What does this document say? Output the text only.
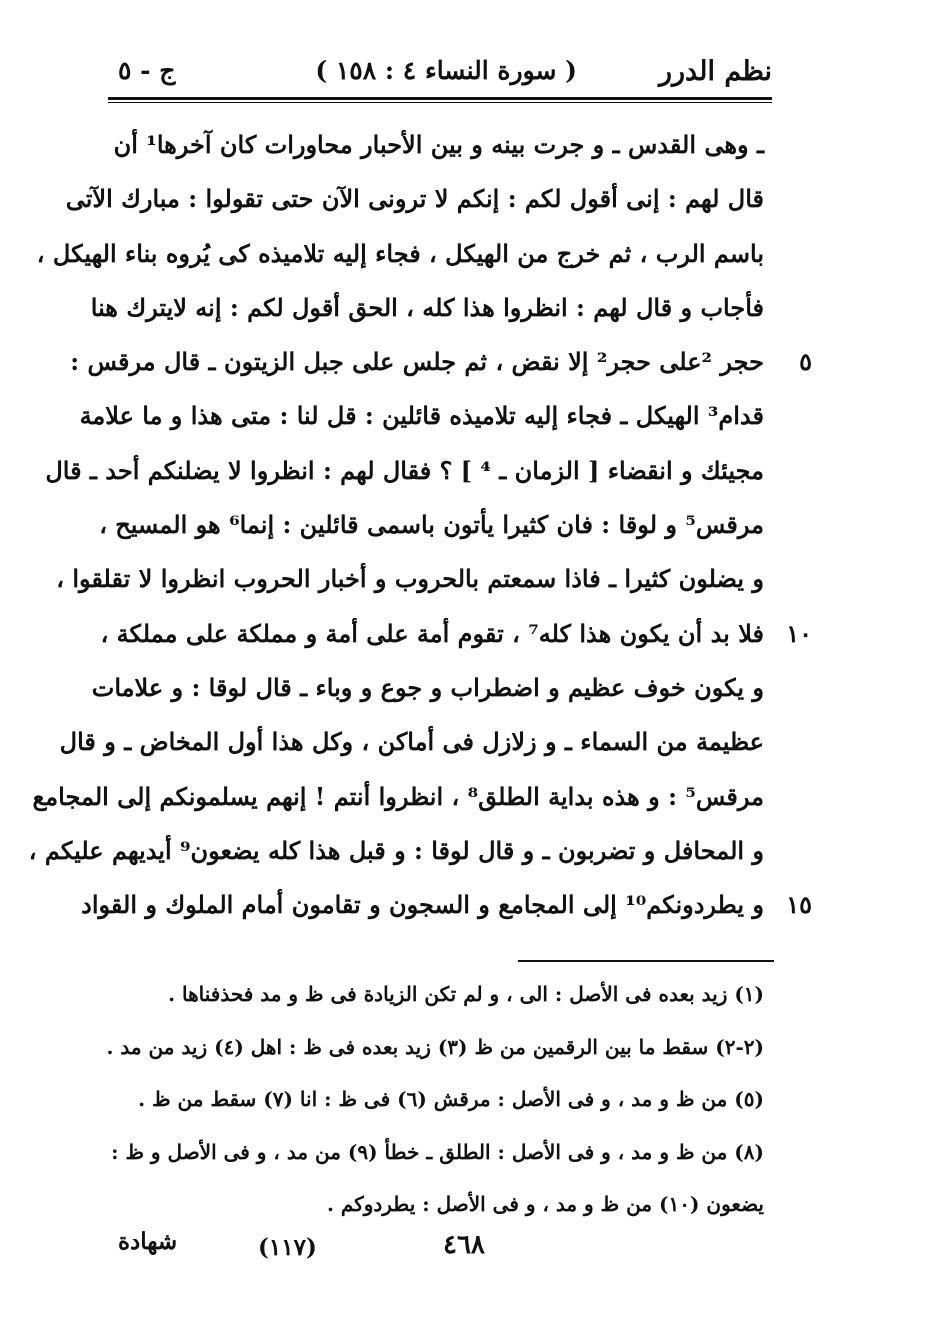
نظم الدرر
( سورة النساء ٤ : ١٥٨ )
ج - ٥
ـ وهى القدس ـ و جرت بينه و بين الأحبار محاورات كان آخرها¹ أن
قال لهم : إنى أقول لكم : إنكم لا ترونى الآن حتى تقولوا : مبارك الآتى
باسم الرب ، ثم خرج من الهيكل ، فجاء إليه تلاميذه كى يُروه بناء الهيكل ،
فأجاب و قال لهم : انظروا هذا كله ، الحق أقول لكم : إنه لايترك هنا
٥
حجر ²على حجر² إلا نقض ، ثم جلس على جبل الزيتون ـ قال مرقس :
قدام³ الهيكل ـ فجاء إليه تلاميذه قائلين : قل لنا : متى هذا و ما علامة
مجيئك و انقضاء [ الزمان ـ ⁴ ] ؟ فقال لهم : انظروا لا يضلنكم أحد ـ قال
مرقس⁵ و لوقا : فان كثيرا يأتون باسمى قائلين : إنما⁶ هو المسيح ،
و يضلون كثيرا ـ فاذا سمعتم بالحروب و أخبار الحروب انظروا لا تقلقوا ،
١٠
فلا بد أن يكون هذا كله⁷ ، تقوم أمة على أمة و مملكة على مملكة ،
و يكون خوف عظيم و اضطراب و جوع و وباء ـ قال لوقا : و علامات
عظيمة من السماء ـ و زلازل فى أماكن ، وكل هذا أول المخاض ـ و قال
مرقس⁵ : و هذه بداية الطلق⁸ ، انظروا أنتم ! إنهم يسلمونكم إلى المجامع
و المحافل و تضربون ـ و قال لوقا : و قبل هذا كله يضعون⁹ أيديهم عليكم ،
١٥
و يطردونكم¹⁰ إلى المجامع و السجون و تقامون أمام الملوك و القواد
(١) زيد بعده فى الأصل : الى ، و لم تكن الزيادة فى ظ و مد فحذفناها .
(٢-٢) سقط ما بين الرقمين من ظ (٣) زيد بعده فى ظ : اهل (٤) زيد من مد .
(٥) من ظ و مد ، و فى الأصل : مرقش (٦) فى ظ : انا (٧) سقط من ظ .
(٨) من ظ و مد ، و فى الأصل : الطلق ـ خطأ (٩) من مد ، و فى الأصل و ظ :
يضعون (١٠) من ظ و مد ، و فى الأصل : يطردوكم .
٤٦٨
(١١٧)
شهادة
